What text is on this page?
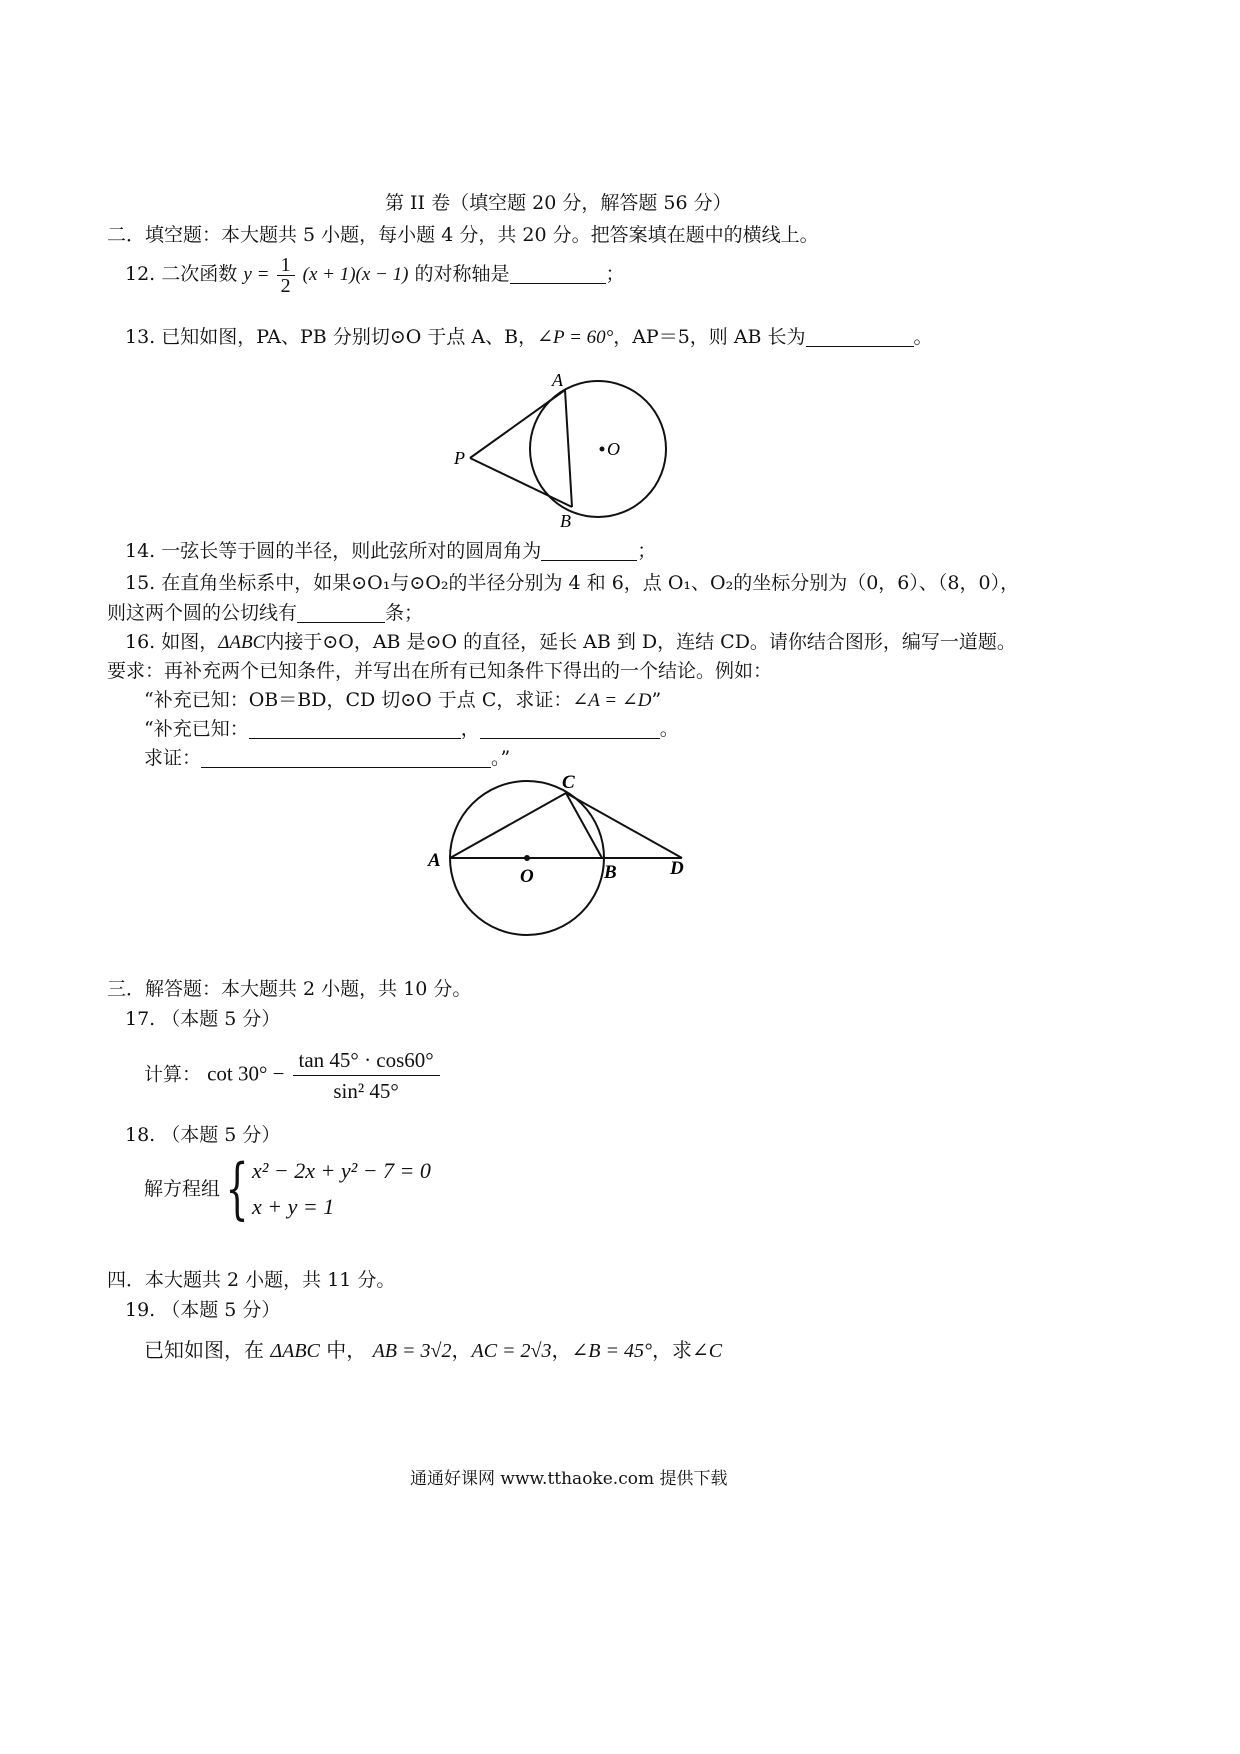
第 II 卷（填空题 20 分，解答题 56 分）
二．填空题：本大题共 5 小题，每小题 4 分，共 20 分。把答案填在题中的横线上。
12. 二次函数 $y = \frac{1}{2} (x + 1)(x - 1)$ 的对称轴是	；
13. 已知如图，PA、PB 分别切⊙O 于点 A、B，∠P = 60°，AP＝5，则 AB 长为	。
A
B
P	O
14. 一弦长等于圆的半径，则此弦所对的圆周角为	；
15. 在直角坐标系中，如果⊙O₁与⊙O₂的半径分别为 4 和 6，点 O₁、O₂的坐标分别为（0，6）、（8，0），
则这两个圆的公切线有	条；
16. 如图，ΔABC内接于⊙O，AB 是⊙O 的直径，延长 AB 到 D，连结 CD。请你结合图形，编写一道题。
要求：再补充两个已知条件，并写出在所有已知条件下得出的一个结论。例如：
“补充已知：OB＝BD，CD 切⊙O 于点 C，求证：∠A = ∠D”
“补充已知：	，	。
求证：	。”
A
C
O	B	D
三．解答题：本大题共 2 小题，共 10 分。
17. （本题 5 分）
计算： $\cot 30^\circ - \frac{\tan 45^\circ \cdot \cos 60^\circ}{\text{sin² 45°}}$
18. （本题 5 分）
解方程组{ x² − 2x + y² − 7 = 0
x + y = 1
四．本大题共 2 小题，共 11 分。
19. （本题 5 分）
已知如图，在 ΔABC 中， AB = 3√2，AC = 2√3，∠B = 45°，求∠C
通通好课网 www.tthaoke.com 提供下载
